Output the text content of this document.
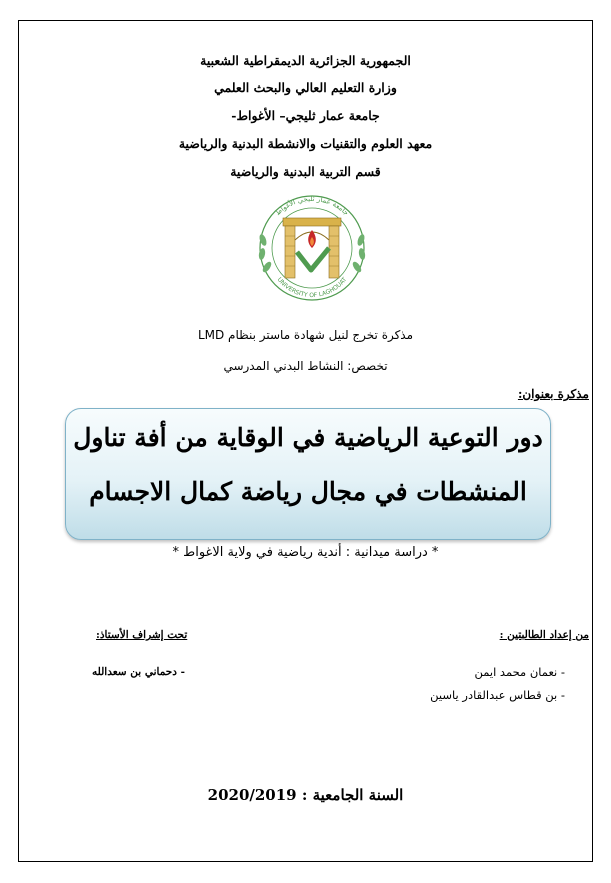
الجمهورية الجزائرية الديمقراطية الشعبية
وزارة التعليم العالي والبحث العلمي
جامعة عمار ثليجي– الأغواط-
معهد العلوم والتقنيات والانشطة البدنية والرياضية
قسم التربية البدنية والرياضية
جامعة عمار ثليجي الأغواط
UNIVERSITY OF LAGHOUAT
مذكرة تخرج لنيل شهادة ماستر بنظام LMD
تخصص: النشاط البدني المدرسي
مذكرة بعنوان:
دور التوعية الرياضية في الوقاية من أفة تناول
المنشطات في مجال رياضة كمال الاجسام
* دراسة ميدانية : أندية رياضية في ولاية الاغواط *
من إعداد الطالبتين :
تحت إشراف الأستاذ:
- نعمان محمد ايمن
- بن قطاس عبدالقادر ياسين
- دحماني بن سعدالله
السنة الجامعية : 2020/2019
